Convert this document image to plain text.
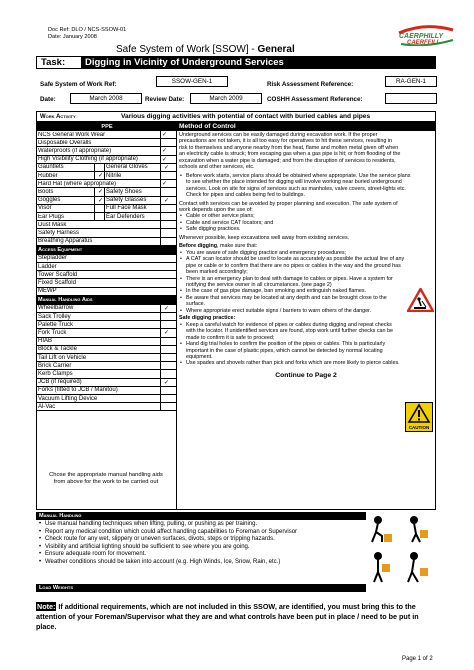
Doc Ref: DLO / NCS-SSOW-01
Date: January 2008	CAERPHILLY
CAERFFILI
Safe System of Work [SSOW] - General
Task:	Digging in Vicinity of Underground Services
Safe System of Work Ref:	SSOW-GEN-1	Risk Assessment Reference:	RA-GEN-1
Date:	March 2008	Review Date:	March 2009	COSHH Assessment Reference:
Work Activity	Various digging activities with potential of contact with buried cables and pipes
PPE	Method of Control
NCS General Work Wear	✓
Disposable Overalls
Waterproofs (if appropriate)	✓
High Visibility Clothing (if appropriate)	✓
Gauntlets	General Gloves	✓
Rubber	✓ Nitrile
Hard Hat (where appropriate)	✓
Boots	✓ Safety Shoes
Goggles	✓ Safety Glasses	✓
Visor	Full Face Mask
Ear Plugs	Ear Defenders
Dust Mask
Safety Harness
Breathing Apparatus
Access Equipment
Stepladder
Ladder
Tower Scaffold
Fixed Scaffold
MEWP
Manual Handling Aids
Wheelbarrow	✓
Sack Trolley
Palette Truck
Fork Truck	✓
HIAB
Block & Tackle
Tail Lift on Vehicle
Brick Carrier
Kerb Clamps
JCB (if required)	✓
Forks (fitted to JCB / Manitou)
Vacuum Lifting Device
Al-Vac
Chose the appropriate manual handling aids from above for the work to be carried out
Underground services can be easily damaged during excavation work. If the proper precautions are not taken, it is all too easy for operatives to hit these services, resulting in risk to themselves and anyone nearby from the heat, flame and molten metal given off when an electricity cable is struck; from escaping gas when a gas pipe is hit; or from flooding of the excavation when a water pipe is damaged; and from the disruption of services to residents, schools and other services, etc.
• Before work starts, service plans should be obtained where appropriate. Use the service plans to see whether the place intended for digging will involve working near buried underground services. Look on site for signs of services such as manholes, valve covers, street-lights etc. Check for pipes and cables being fed to buildings.
Contact with services can be avoided by proper planning and execution. The safe system of work depends upon the use of:
• Cable or other service plans;
• Cable and service CAT locators; and
• Safe digging practices.
Whenever possible, keep excavations well away from existing services.
Before digging, make sure that:
• You are aware of safe digging practice and emergency procedures;
• A CAT scan locator should be used to locate as accurately as possible the actual line of any pipe or cable or to confirm that there are no pipes or cables in the way and the ground has been marked accordingly;
• There is an emergency plan to deal with damage to cables or pipes. Have a system for notifying the service owner in all circumstances. (see page 2)
• In the case of gas pipe damage, ban smoking and extinguish naked flames.
• Be aware that services may be located at any depth and can be brought close to the surface.
• Where appropriate erect suitable signs / barriers to warn others of the danger.
Safe digging practice:
• Keep a careful watch for evidence of pipes or cables during digging and repeat checks with the locator. If unidentified services are found, stop work until further checks can be made to confirm it is safe to proceed;
• Hand dig trial holes to confirm the position of the pipes or cables. This is particularly important in the case of plastic pipes, which cannot be detected by normal locating equipment.
• Use spades and shovels rather than pick and forks which are more likely to pierce cables.
Continue to Page 2
CAUTION
Manual Handling
• Use manual handling techniques when lifting, pulling, or pushing as per training.
• Report any medical condition which could affect handling capabilities to Foreman or Supervisor
• Check route for any wet, slippery or uneven surfaces, divots, steps or tripping hazards.
• Visibility and artificial lighting should be sufficient to see where you are going.
• Ensure adequate room for movement.
• Weather conditions should be taken into account (e.g. High Winds, Ice, Snow, Rain, etc.)
Load Weights
Note: If additional requirements, which are not included in this SSOW, are identified, you must bring this to the attention of your Foreman/Supervisor what they are and what controls have been put in place / need to be put in place.
Page 1 of 2
